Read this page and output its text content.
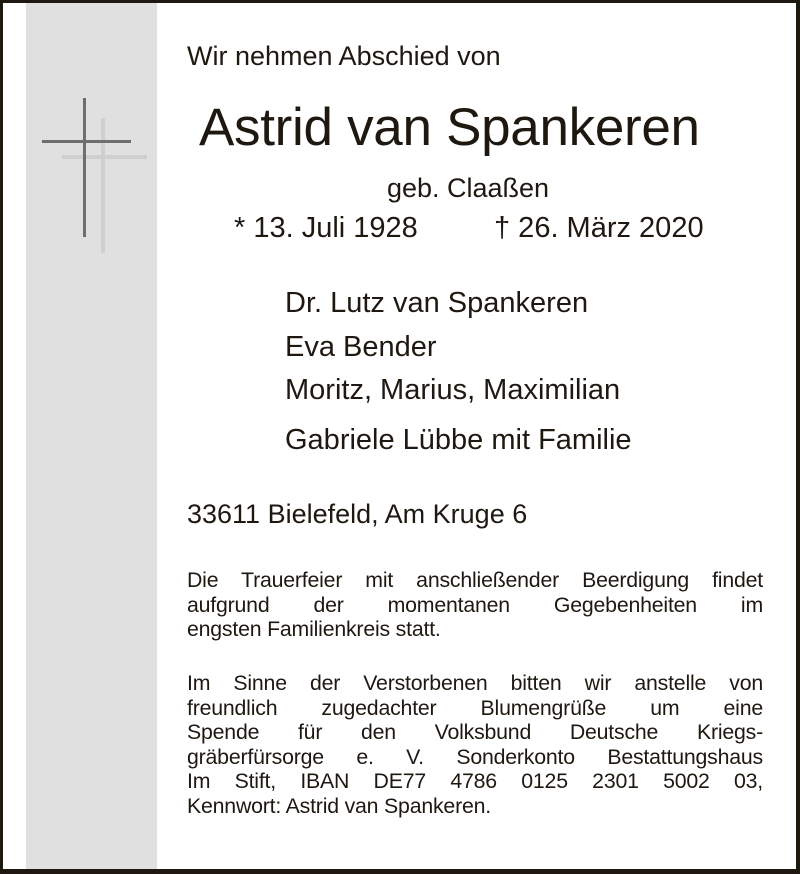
Wir nehmen Abschied von
Astrid van Spankeren
geb. Claaßen
* 13. Juli 1928	† 26. März 2020
Dr. Lutz van Spankeren
Eva Bender
Moritz, Marius, Maximilian
Gabriele Lübbe mit Familie
33611 Bielefeld, Am Kruge 6
Die Trauerfeier mit anschließender Beerdigung findet
aufgrund der momentanen Gegebenheiten im
engsten Familienkreis statt.
Im Sinne der Verstorbenen bitten wir anstelle von
freundlich zugedachter Blumengrüße um eine
Spende für den Volksbund Deutsche Kriegs-
gräberfürsorge e. V. Sonderkonto Bestattungshaus
Im Stift, IBAN DE77 4786 0125 2301 5002 03,
Kennwort: Astrid van Spankeren.
